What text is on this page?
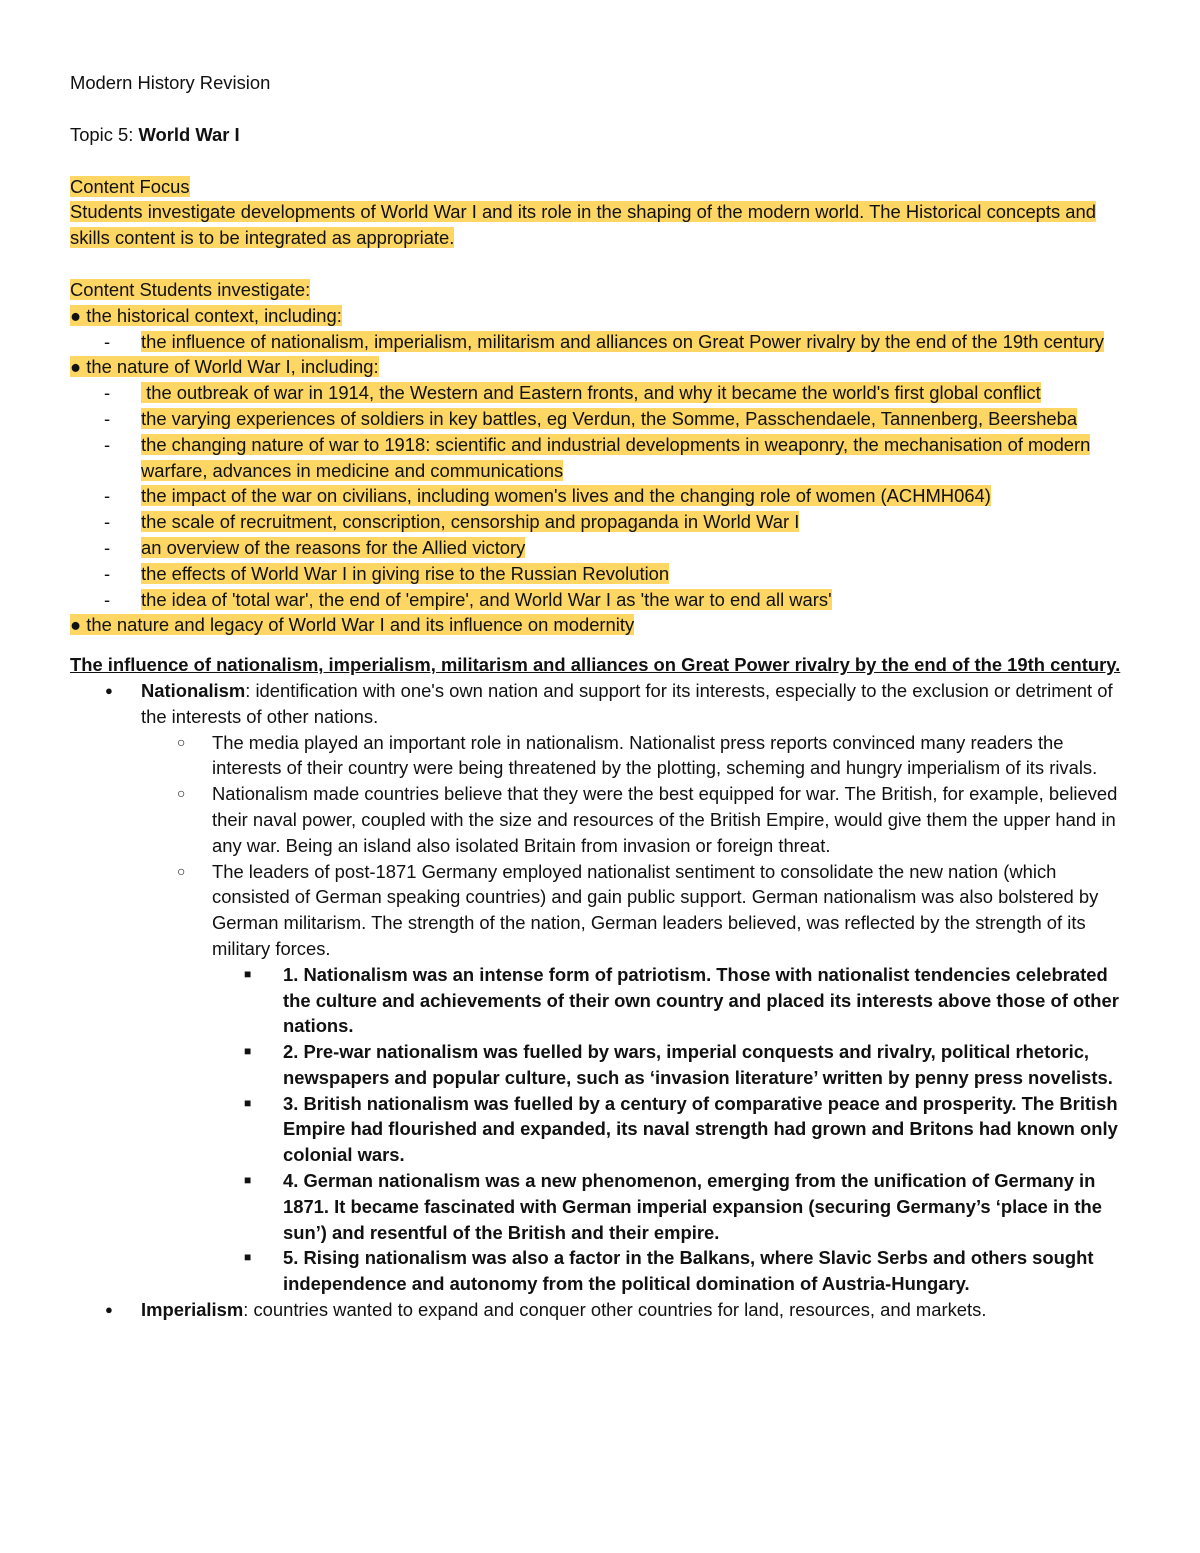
Modern History Revision

Topic 5: World War I

Content Focus

Students investigate developments of World War I and its role in the shaping of the modern world. The Historical concepts and skills content is to be integrated as appropriate.

Content Students investigate:

● the historical context, including:

- the influence of nationalism, imperialism, militarism and alliances on Great Power rivalry by the end of the 19th century

● the nature of World War I, including:

- the outbreak of war in 1914, the Western and Eastern fronts, and why it became the world's first global conflict
- the varying experiences of soldiers in key battles, eg Verdun, the Somme, Passchendaele, Tannenberg, Beersheba
- the changing nature of war to 1918: scientific and industrial developments in weaponry, the mechanisation of modern warfare, advances in medicine and communications
- the impact of the war on civilians, including women's lives and the changing role of women (ACHMH064)
- the scale of recruitment, conscription, censorship and propaganda in World War I
- an overview of the reasons for the Allied victory
- the effects of World War I in giving rise to the Russian Revolution
- the idea of 'total war', the end of 'empire', and World War I as 'the war to end all wars'

● the nature and legacy of World War I and its influence on modernity

The influence of nationalism, imperialism, militarism and alliances on Great Power rivalry by the end of the 19th century.

● Nationalism: identification with one's own nation and support for its interests, especially to the exclusion or detriment of the interests of other nations.
○ The media played an important role in nationalism. Nationalist press reports convinced many readers the interests of their country were being threatened by the plotting, scheming and hungry imperialism of its rivals.
○ Nationalism made countries believe that they were the best equipped for war. The British, for example, believed their naval power, coupled with the size and resources of the British Empire, would give them the upper hand in any war. Being an island also isolated Britain from invasion or foreign threat.
○ The leaders of post-1871 Germany employed nationalist sentiment to consolidate the new nation (which consisted of German speaking countries) and gain public support. German nationalism was also bolstered by German militarism. The strength of the nation, German leaders believed, was reflected by the strength of its military forces.
■ 1. Nationalism was an intense form of patriotism. Those with nationalist tendencies celebrated the culture and achievements of their own country and placed its interests above those of other nations.
■ 2. Pre-war nationalism was fuelled by wars, imperial conquests and rivalry, political rhetoric, newspapers and popular culture, such as ‘invasion literature’ written by penny press novelists.
■ 3. British nationalism was fuelled by a century of comparative peace and prosperity. The British Empire had flourished and expanded, its naval strength had grown and Britons had known only colonial wars.
■ 4. German nationalism was a new phenomenon, emerging from the unification of Germany in 1871. It became fascinated with German imperial expansion (securing Germany’s ‘place in the sun’) and resentful of the British and their empire.
■ 5. Rising nationalism was also a factor in the Balkans, where Slavic Serbs and others sought independence and autonomy from the political domination of Austria-Hungary.
● Imperialism: countries wanted to expand and conquer other countries for land, resources, and markets.
